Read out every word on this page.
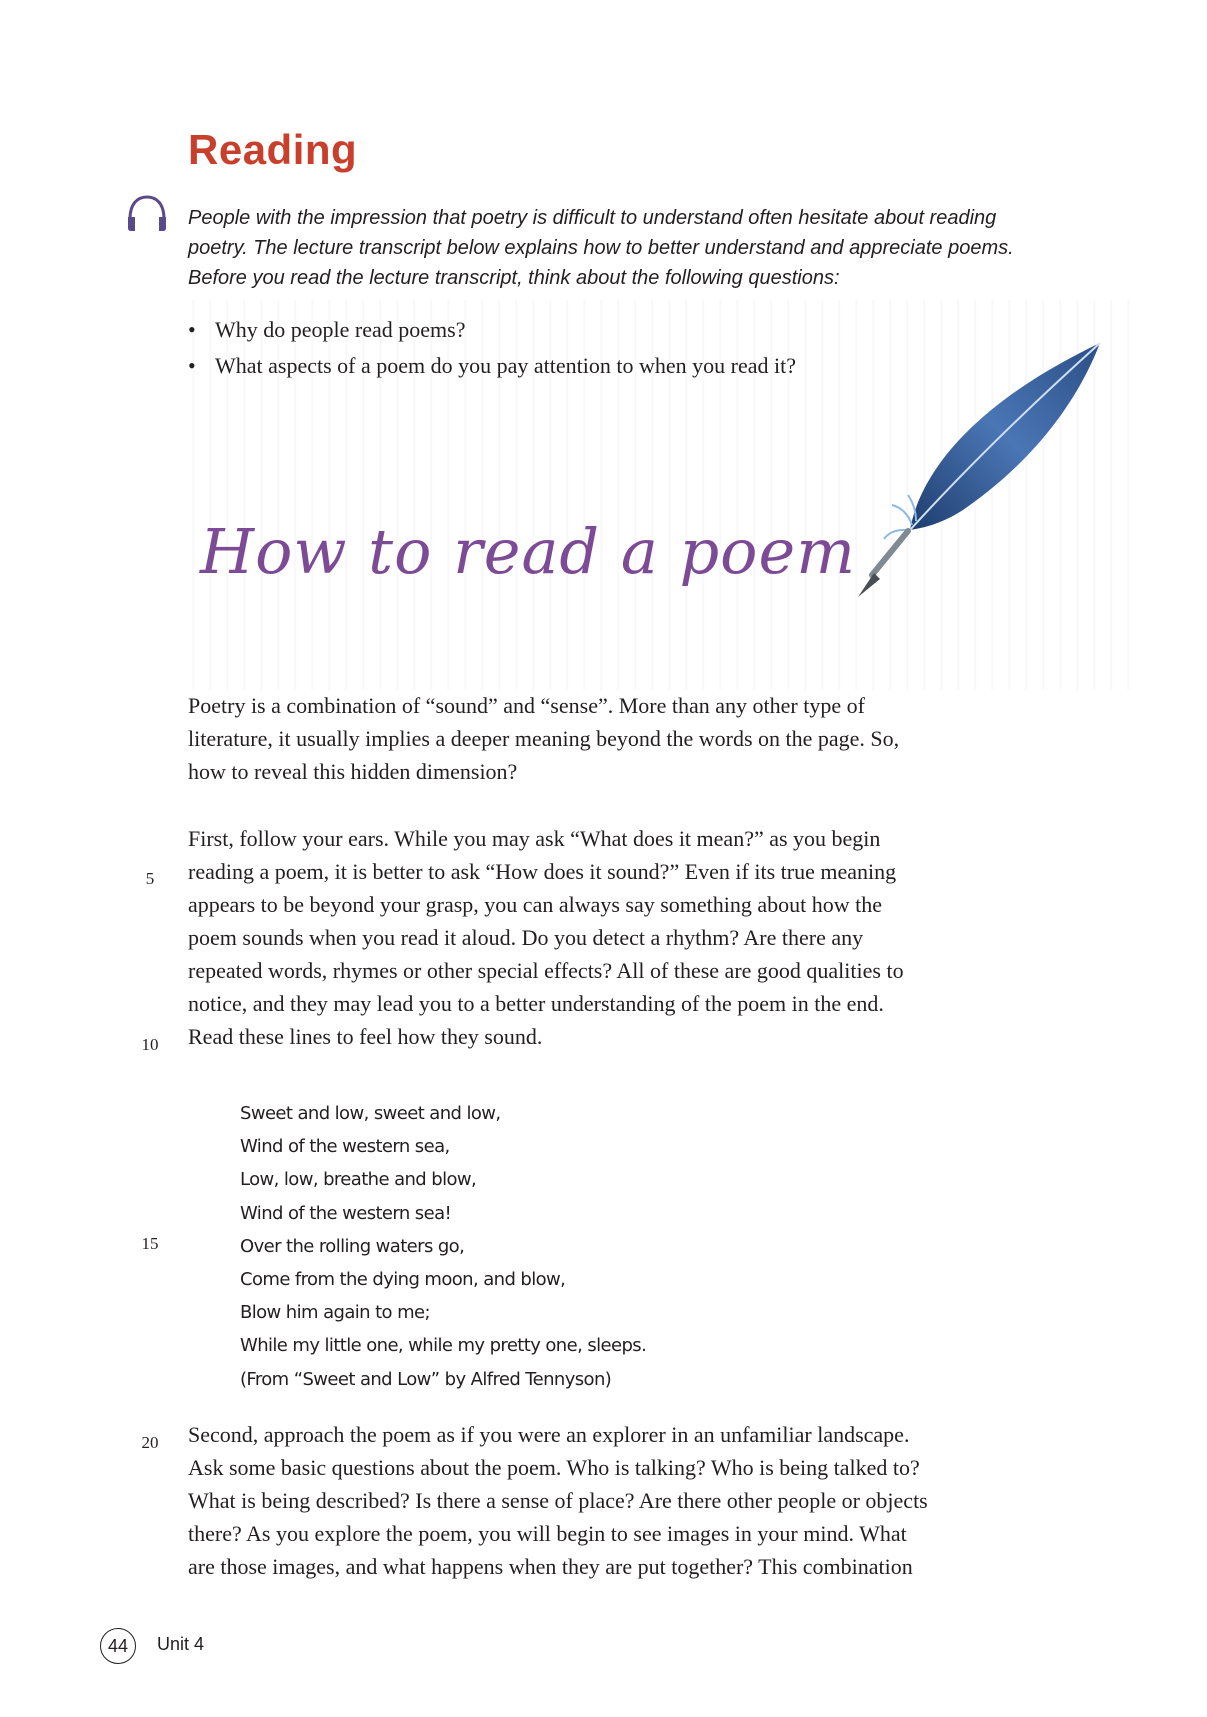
Reading

People with the impression that poetry is difficult to understand often hesitate about reading

poetry. The lecture transcript below explains how to better understand and appreciate poems.

Before you read the lecture transcript, think about the following questions:

• Why do people read poems?
• What aspects of a poem do you pay attention to when you read it?
How to read a poem
Poetry is a combination of “sound” and “sense”. More than any other type of
literature, it usually implies a deeper meaning beyond the words on the page. So,
how to reveal this hidden dimension?
First, follow your ears. While you may ask “What does it mean?” as you begin
reading a poem, it is better to ask “How does it sound?” Even if its true meaning
appears to be beyond your grasp, you can always say something about how the
poem sounds when you read it aloud. Do you detect a rhythm? Are there any
repeated words, rhymes or other special effects? All of these are good qualities to
notice, and they may lead you to a better understanding of the poem in the end.
Read these lines to feel how they sound.
5
10
15
20
Sweet and low, sweet and low,
Wind of the western sea,
Low, low, breathe and blow,
Wind of the western sea!
Over the rolling waters go,
Come from the dying moon, and blow,
Blow him again to me;
While my little one, while my pretty one, sleeps.
(From “Sweet and Low” by Alfred Tennyson)
Second, approach the poem as if you were an explorer in an unfamiliar landscape.
Ask some basic questions about the poem. Who is talking? Who is being talked to?
What is being described? Is there a sense of place? Are there other people or objects
there? As you explore the poem, you will begin to see images in your mind. What
are those images, and what happens when they are put together? This combination
44	Unit 4
